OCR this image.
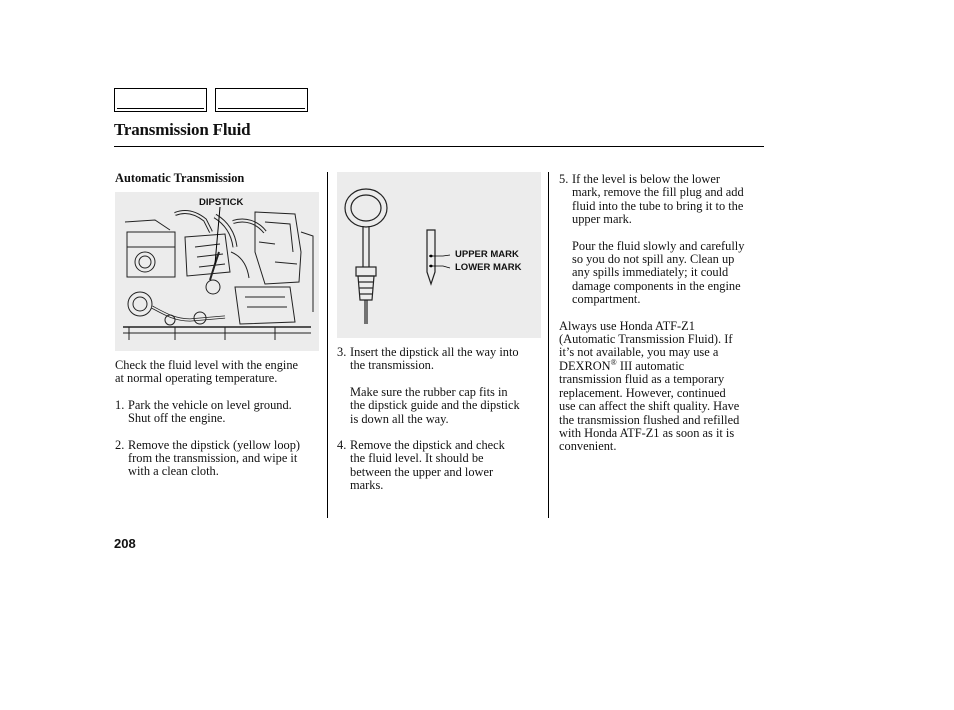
Transmission Fluid

Automatic Transmission

DIPSTICK

Check the fluid level with the engine

at normal operating temperature.

1. Park the vehicle on level ground.

Shut off the engine.

2. Remove the dipstick (yellow loop)

from the transmission, and wipe it

with a clean cloth.

UPPER MARK
LOWER MARK
3. Insert the dipstick all the way into

the transmission.

Make sure the rubber cap fits in

the dipstick guide and the dipstick

is down all the way.

4. Remove the dipstick and check

the fluid level. It should be

between the upper and lower

marks.

5. If the level is below the lower

mark, remove the fill plug and add

fluid into the tube to bring it to the

upper mark.

Pour the fluid slowly and carefully

so you do not spill any. Clean up

any spills immediately; it could

damage components in the engine

compartment.

Always use Honda ATF-Z1

(Automatic Transmission Fluid). If

it’s not available, you may use a

DEXRON® III automatic

transmission fluid as a temporary

replacement. However, continued

use can affect the shift quality. Have

the transmission flushed and refilled

with Honda ATF-Z1 as soon as it is

convenient.

208
